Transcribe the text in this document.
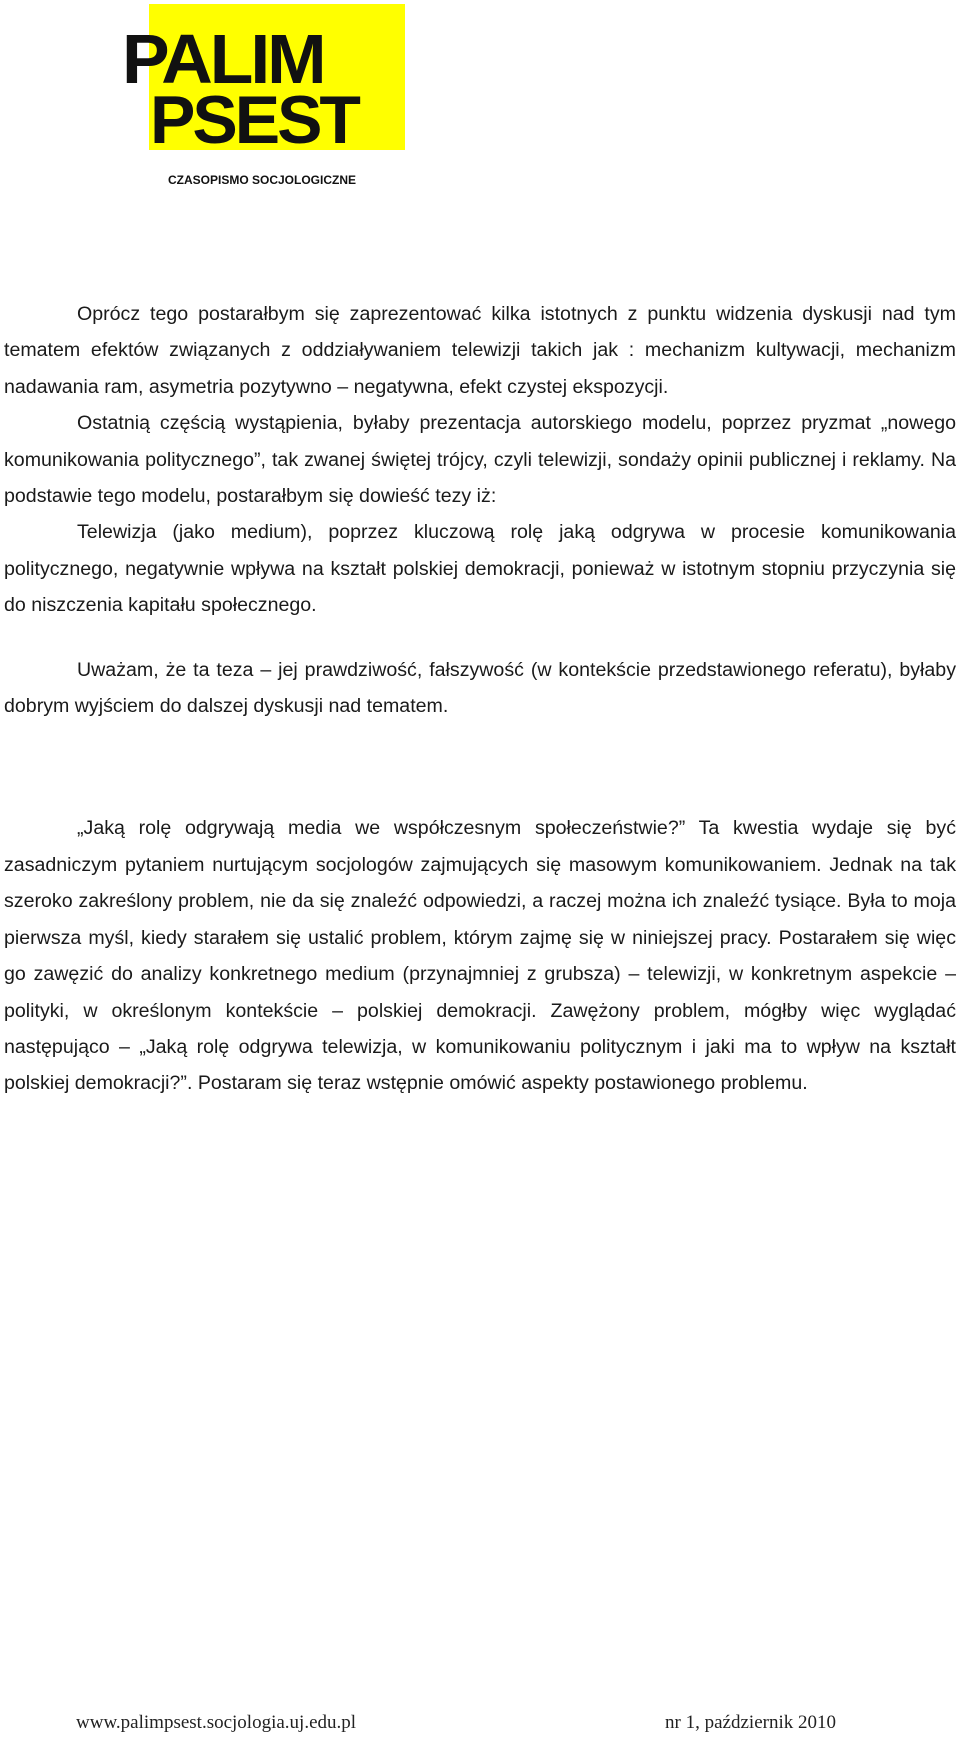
PALIM
PSEST
CZASOPISMO SOCJOLOGICZNE

Oprócz tego postarałbym się zaprezentować kilka istotnych z punktu widzenia dyskusji nad tym tematem efektów związanych z oddziaływaniem telewizji takich jak : mechanizm kultywacji, mechanizm nadawania ram, asymetria pozytywno – negatywna, efekt czystej ekspozycji.

Ostatnią częścią wystąpienia, byłaby prezentacja autorskiego modelu, poprzez pryzmat „nowego komunikowania politycznego”, tak zwanej świętej trójcy, czyli telewizji, sondaży opinii publicznej i reklamy. Na podstawie tego modelu, postarałbym się dowieść tezy iż:

Telewizja (jako medium), poprzez kluczową rolę jaką odgrywa w procesie komunikowania politycznego, negatywnie wpływa na kształt polskiej demokracji, ponieważ w istotnym stopniu przyczynia się do niszczenia kapitału społecznego.

Uważam, że ta teza – jej prawdziwość, fałszywość (w kontekście przedstawionego referatu), byłaby dobrym wyjściem do dalszej dyskusji nad tematem.

„Jaką rolę odgrywają media we współczesnym społeczeństwie?” Ta kwestia wydaje się być zasadniczym pytaniem nurtującym socjologów zajmujących się masowym komunikowaniem. Jednak na tak szeroko zakreślony problem, nie da się znaleźć odpowiedzi, a raczej można ich znaleźć tysiące. Była to moja pierwsza myśl, kiedy starałem się ustalić problem, którym zajmę się w niniejszej pracy. Postarałem się więc go zawęzić do analizy konkretnego medium (przynajmniej z grubsza) – telewizji, w konkretnym aspekcie – polityki, w określonym kontekście – polskiej demokracji. Zawężony problem, mógłby więc wyglądać następująco – „Jaką rolę odgrywa telewizja, w komunikowaniu politycznym i jaki ma to wpływ na kształt polskiej demokracji?”. Postaram się teraz wstępnie omówić aspekty postawionego problemu.

www.palimpsest.socjologia.uj.edu.pl	nr 1, październik 2010
